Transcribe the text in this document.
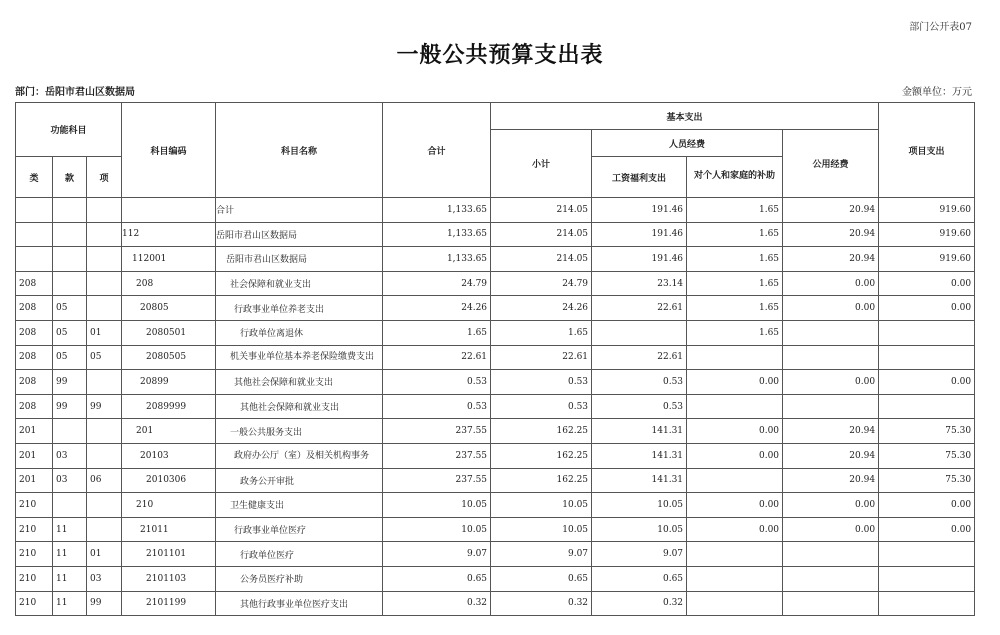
部门公开表07
一般公共预算支出表
部门：岳阳市君山区数据局	金额单位：万元
功能科目			科目编码	科目名称	合计	基本支出				项目支出
						小计	人员经费		公用经费	
类	款	项					工资福利支出	对个人和家庭的补助		
				合计	1,133.65	214.05	191.46	1.65	20.94	919.60
			112	岳阳市君山区数据局	1,133.65	214.05	191.46	1.65	20.94	919.60
			112001	岳阳市君山区数据局	1,133.65	214.05	191.46	1.65	20.94	919.60
208			208	社会保障和就业支出	24.79	24.79	23.14	1.65	0.00	0.00
208	05		20805	行政事业单位养老支出	24.26	24.26	22.61	1.65	0.00	0.00
208	05	01	2080501	行政单位离退休	1.65	1.65		1.65		
208	05	05	2080505	机关事业单位基本养老保险缴费支出	22.61	22.61	22.61			
208	99		20899	其他社会保障和就业支出	0.53	0.53	0.53	0.00	0.00	0.00
208	99	99	2089999	其他社会保障和就业支出	0.53	0.53	0.53			
201			201	一般公共服务支出	237.55	162.25	141.31	0.00	20.94	75.30
201	03		20103	政府办公厅（室）及相关机构事务	237.55	162.25	141.31	0.00	20.94	75.30
201	03	06	2010306	政务公开审批	237.55	162.25	141.31		20.94	75.30
210			210	卫生健康支出	10.05	10.05	10.05	0.00	0.00	0.00
210	11		21011	行政事业单位医疗	10.05	10.05	10.05	0.00	0.00	0.00
210	11	01	2101101	行政单位医疗	9.07	9.07	9.07			
210	11	03	2101103	公务员医疗补助	0.65	0.65	0.65			
210	11	99	2101199	其他行政事业单位医疗支出	0.32	0.32	0.32			
